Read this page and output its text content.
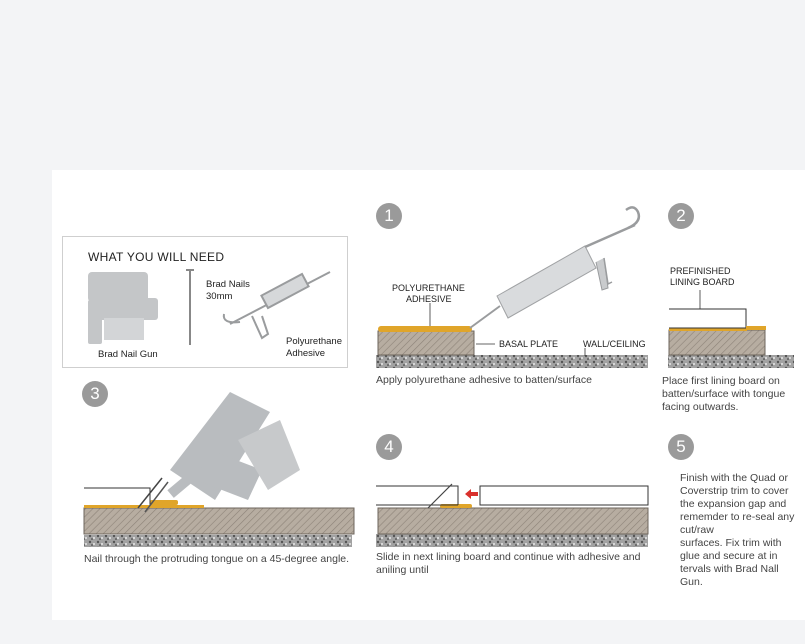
WHAT YOU WILL NEED
Brad Nail Gun
Brad Nails
30mm
Polyurethane
Adhesive
1	2
3
4	5
POLYURETHANE
ADHESIVE
BASAL PLATE	WALL/CEILING
Apply polyurethane adhesive to batten/surface
PREFINISHED
LINING BOARD
Place first lining board on
batten/surface with tongue
facing outwards.
Nail through the protruding tongue on a 45-degree angle.	Slide in next lining board and continue with adhesive and
aniling until
Finish with the Quad or
Coverstrip trim to cover
the expansion gap and
rememder to re-seal any
cut/raw
surfaces. Fix trim with
glue and secure at in
tervals with Brad Nall
Gun.
